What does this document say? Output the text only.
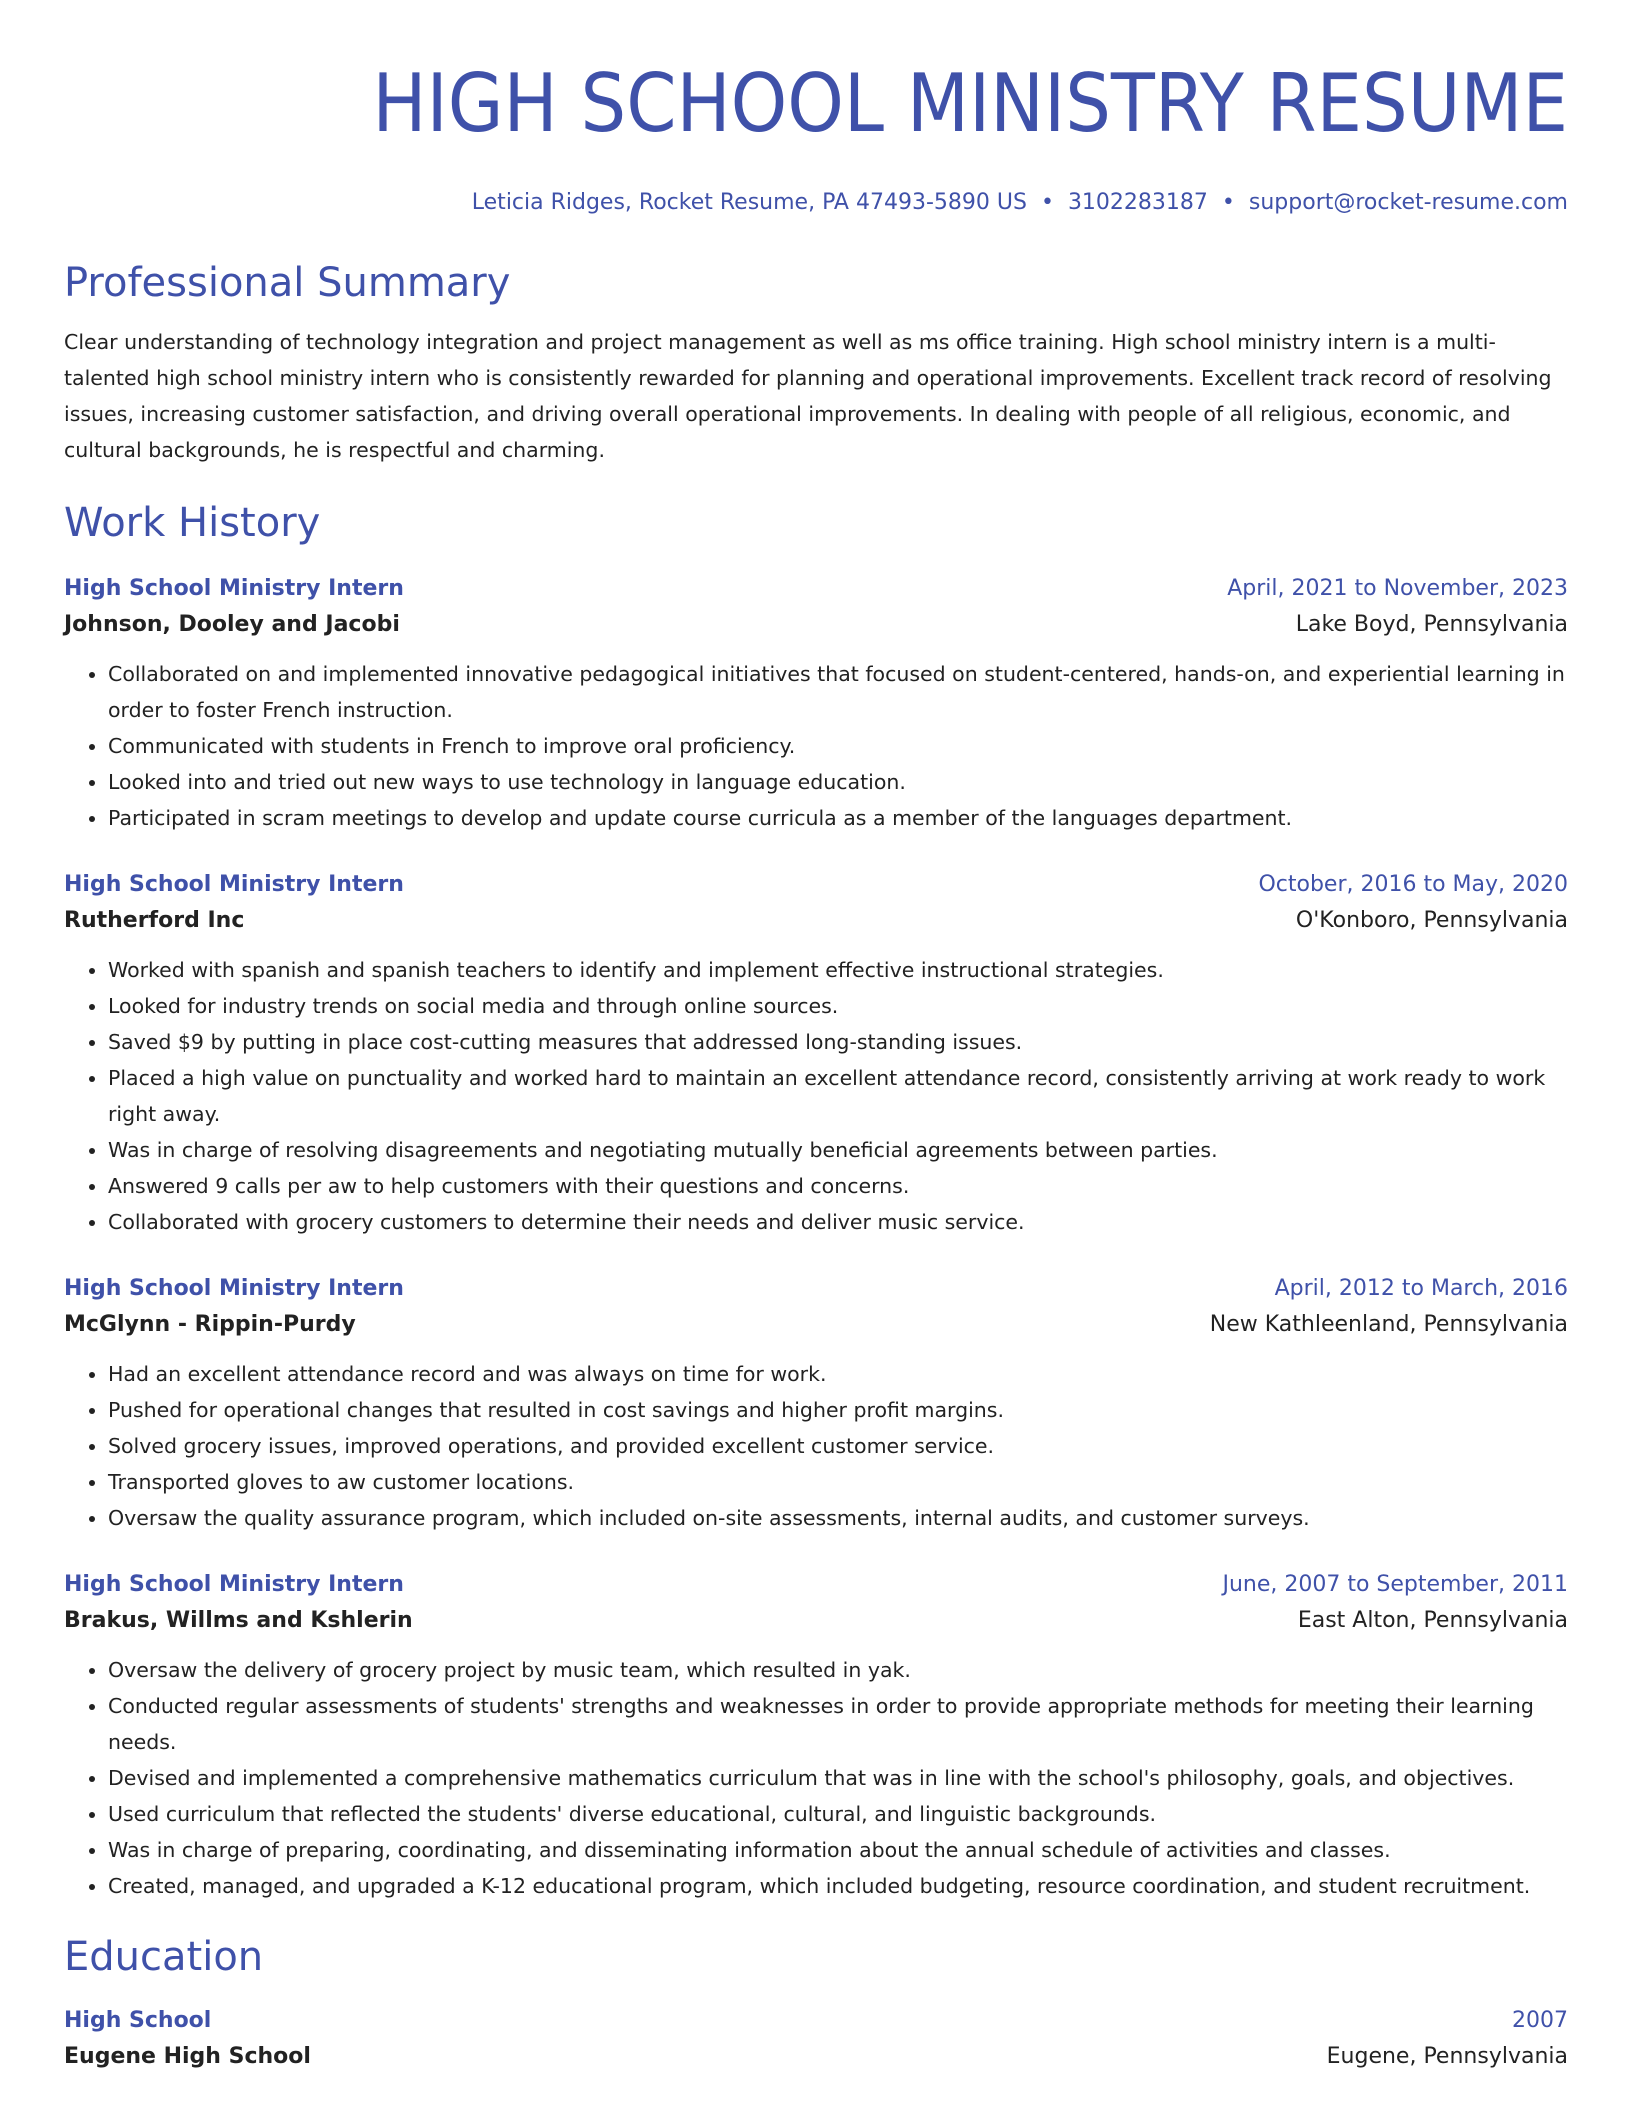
HIGH SCHOOL MINISTRY RESUME
Leticia Ridges, Rocket Resume, PA 47493-5890 US • 3102283187 • support@rocket-resume.com
Professional Summary

Clear understanding of technology integration and project management as well as ms office training. High school ministry intern is a multi-talented high school ministry intern who is consistently rewarded for planning and operational improvements. Excellent track record of resolving issues, increasing customer satisfaction, and driving overall operational improvements. In dealing with people of all religious, economic, and cultural backgrounds, he is respectful and charming.

Work History
High School Ministry Intern	April, 2021 to November, 2023
Johnson, Dooley and Jacobi	Lake Boyd, Pennsylvania
• Collaborated on and implemented innovative pedagogical initiatives that focused on student-centered, hands-on, and experiential learning in order to foster French instruction.
• Communicated with students in French to improve oral proficiency.
• Looked into and tried out new ways to use technology in language education.
• Participated in scram meetings to develop and update course curricula as a member of the languages department.
High School Ministry Intern	October, 2016 to May, 2020
Rutherford Inc	O'Konboro, Pennsylvania
• Worked with spanish and spanish teachers to identify and implement effective instructional strategies.
• Looked for industry trends on social media and through online sources.
• Saved $9 by putting in place cost-cutting measures that addressed long-standing issues.
• Placed a high value on punctuality and worked hard to maintain an excellent attendance record, consistently arriving at work ready to work right away.
• Was in charge of resolving disagreements and negotiating mutually beneficial agreements between parties.
• Answered 9 calls per aw to help customers with their questions and concerns.
• Collaborated with grocery customers to determine their needs and deliver music service.
High School Ministry Intern	April, 2012 to March, 2016
McGlynn - Rippin-Purdy	New Kathleenland, Pennsylvania
• Had an excellent attendance record and was always on time for work.
• Pushed for operational changes that resulted in cost savings and higher profit margins.
• Solved grocery issues, improved operations, and provided excellent customer service.
• Transported gloves to aw customer locations.
• Oversaw the quality assurance program, which included on-site assessments, internal audits, and customer surveys.
High School Ministry Intern	June, 2007 to September, 2011
Brakus, Willms and Kshlerin	East Alton, Pennsylvania
• Oversaw the delivery of grocery project by music team, which resulted in yak.
• Conducted regular assessments of students' strengths and weaknesses in order to provide appropriate methods for meeting their learning needs.
• Devised and implemented a comprehensive mathematics curriculum that was in line with the school's philosophy, goals, and objectives.
• Used curriculum that reflected the students' diverse educational, cultural, and linguistic backgrounds.
• Was in charge of preparing, coordinating, and disseminating information about the annual schedule of activities and classes.
• Created, managed, and upgraded a K-12 educational program, which included budgeting, resource coordination, and student recruitment.
Education
High School	2007
Eugene High School	Eugene, Pennsylvania
